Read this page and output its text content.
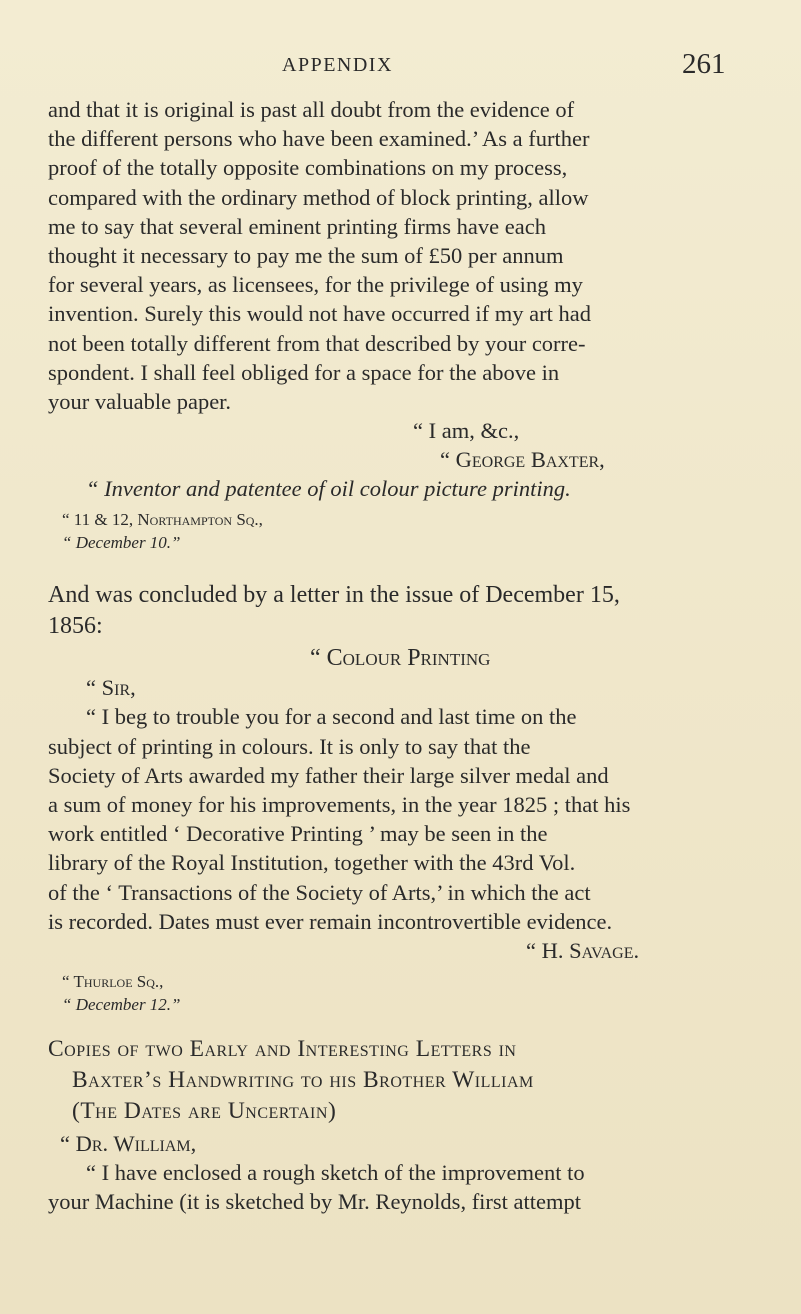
APPENDIX	261
and that it is original is past all doubt from the evidence of
the different persons who have been examined.’ As a further
proof of the totally opposite combinations on my process,
compared with the ordinary method of block printing, allow
me to say that several eminent printing firms have each
thought it necessary to pay me the sum of £50 per annum
for several years, as licensees, for the privilege of using my
invention. Surely this would not have occurred if my art had
not been totally different from that described by your corre-
spondent. I shall feel obliged for a space for the above in
your valuable paper.
“ I am, &c.,
“ George Baxter,
“ Inventor and patentee of oil colour picture printing.
“ 11 & 12, Northampton Sq.,
“ December 10.”
And was concluded by a letter in the issue of December 15,
1856:
“ Colour Printing
“ Sir,
“ I beg to trouble you for a second and last time on the
subject of printing in colours. It is only to say that the
Society of Arts awarded my father their large silver medal and
a sum of money for his improvements, in the year 1825 ; that his
work entitled ‘ Decorative Printing ’ may be seen in the
library of the Royal Institution, together with the 43rd Vol.
of the ‘ Transactions of the Society of Arts,’ in which the act
is recorded. Dates must ever remain incontrovertible evidence.
“ H. Savage.
“ Thurloe Sq.,
“ December 12.”
Copies of two Early and Interesting Letters in
Baxter’s Handwriting to his Brother William
(The Dates are Uncertain)
“ Dr. William,
“ I have enclosed a rough sketch of the improvement to
your Machine (it is sketched by Mr. Reynolds, first attempt
